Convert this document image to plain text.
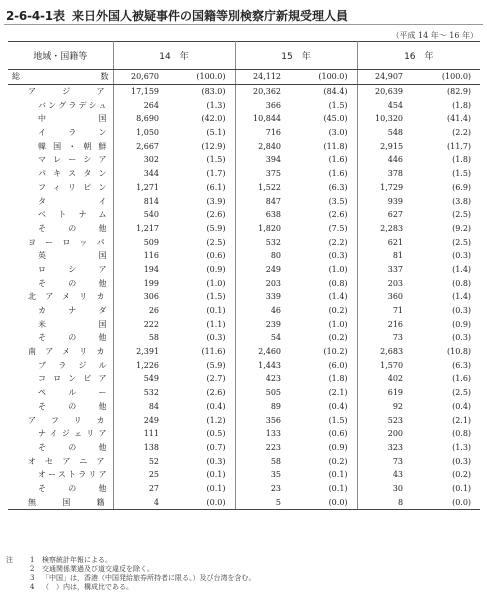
2-6-4-1表 来日外国人被疑事件の国籍等別検察庁新規受理人員
（平成 14 年～ 16 年）
地域・国籍等	14　年		15　年		16　年	

総　　　　数	20,670	(100.0)	24,112	(100.0)	24,907	(100.0)

ア　ジ　ア	17,159	(83.0)	20,362	(84.4)	20,639	(82.9)

バングラデシュ	264	(1.3)	366	(1.5)	454	(1.8)

中　　国	8,690	(42.0)	10,844	(45.0)	10,320	(41.4)

イ　ラ　ン	1,050	(5.1)	716	(3.0)	548	(2.2)

韓国・朝鮮	2,667	(12.9)	2,840	(11.8)	2,915	(11.7)

マレーシア	302	(1.5)	394	(1.6)	446	(1.8)

パキスタン	344	(1.7)	375	(1.6)	378	(1.5)

フィリピン	1,271	(6.1)	1,522	(6.3)	1,729	(6.9)

タ　　イ	814	(3.9)	847	(3.5)	939	(3.8)

ベトナム	540	(2.6)	638	(2.6)	627	(2.5)

そ　の　他	1,217	(5.9)	1,820	(7.5)	2,283	(9.2)

ヨーロッパ	509	(2.5)	532	(2.2)	621	(2.5)

英　　国	116	(0.6)	80	(0.3)	81	(0.3)

ロ　シ　ア	194	(0.9)	249	(1.0)	337	(1.4)

そ　の　他	199	(1.0)	203	(0.8)	203	(0.8)

北アメリカ	306	(1.5)	339	(1.4)	360	(1.4)

カ　ナ　ダ	26	(0.1)	46	(0.2)	71	(0.3)

米　　国	222	(1.1)	239	(1.0)	216	(0.9)

そ　の　他	58	(0.3)	54	(0.2)	73	(0.3)

南アメリカ	2,391	(11.6)	2,460	(10.2)	2,683	(10.8)

ブラジル	1,226	(5.9)	1,443	(6.0)	1,570	(6.3)

コロンビア	549	(2.7)	423	(1.8)	402	(1.6)

ペ　ル　ー	532	(2.6)	505	(2.1)	619	(2.5)

そ　の　他	84	(0.4)	89	(0.4)	92	(0.4)

ア　フ　リ　カ	249	(1.2)	356	(1.5)	523	(2.1)

ナイジェリア	111	(0.5)	133	(0.6)	200	(0.8)

そ　の　他	138	(0.7)	223	(0.9)	323	(1.3)

オセアニア	52	(0.3)	58	(0.2)	73	(0.3)

オーストラリア	25	(0.1)	35	(0.1)	43	(0.2)

そ　の　他	27	(0.1)	23	(0.1)	30	(0.1)

無　国　籍	4	(0.0)	5	(0.0)	8	(0.0)
注	1	検察統計年報による。
2	交通関係業過及び道交違反を除く。
3	「中国」は，香港（中国発給旅券所持者に限る。）及び台湾を含む。
4	（　）内は，構成比である。
